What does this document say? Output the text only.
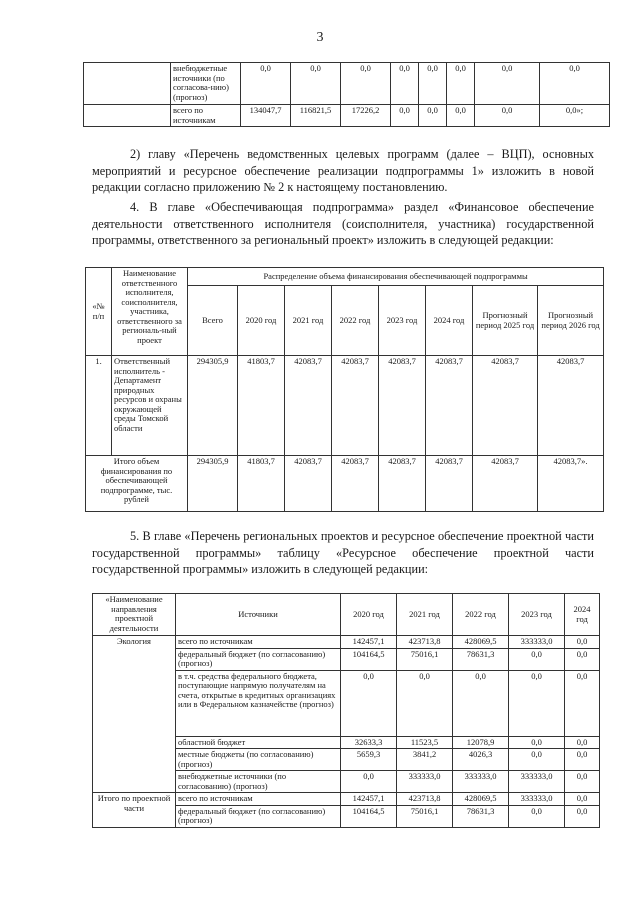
3
	внебюджетные источники (по согласова-нию) (прогноз)	0,0	0,0	0,0	0,0	0,0	0,0	0,0	0,0
	всего по источникам	134047,7	116821,5	17226,2	0,0	0,0	0,0	0,0	0,0»;

2) главу «Перечень ведомственных целевых программ (далее – ВЦП), основных мероприятий и ресурсное обеспечение реализации подпрограммы 1» изложить в новой редакции согласно приложению № 2 к настоящему постановлению.

4. В главе «Обеспечивающая подпрограмма» раздел «Финансовое обеспечение деятельности ответственного исполнителя (соисполнителя, участника) государственной программы, ответственного за региональный проект» изложить в следующей редакции:

«№ п/п	Наименование ответственного исполнителя, соисполнителя, участника, ответственного за региональ-ный проект	Распределение объема финансирования обеспечивающей подпрограммы							
		Всего	2020 год	2021 год	2022 год	2023 год	2024 год	Прогнозный период 2025 год	Прогнозный период 2026 год
1.	Ответственный исполнитель - Департамент природных ресурсов и охраны окружающей среды Томской области	294305,9	41803,7	42083,7	42083,7	42083,7	42083,7	42083,7	42083,7
Итого объем финансирования по обеспечивающей подпрограмме, тыс. рублей		294305,9	41803,7	42083,7	42083,7	42083,7	42083,7	42083,7	42083,7».

5. В главе «Перечень региональных проектов и ресурсное обеспечение проектной части государственной программы» таблицу «Ресурсное обеспечение проектной части государственной программы» изложить в следующей редакции:

«Наименование направления проектной деятельности	Источники	2020 год	2021 год	2022 год	2023 год	2024 год
Экология	всего по источникам	142457,1	423713,8	428069,5	333333,0	0,0
	федеральный бюджет (по согласованию) (прогноз)	104164,5	75016,1	78631,3	0,0	0,0
	в т.ч. средства федерального бюджета, поступающие напрямую получателям на счета, открытые в кредитных организациях или в Федеральном казначействе (прогноз)	0,0	0,0	0,0	0,0	0,0
	областной бюджет	32633,3	11523,5	12078,9	0,0	0,0
	местные бюджеты (по согласованию) (прогноз)	5659,3	3841,2	4026,3	0,0	0,0
	внебюджетные источники (по согласованию) (прогноз)	0,0	333333,0	333333,0	333333,0	0,0
Итого по проектной части	всего по источникам	142457,1	423713,8	428069,5	333333,0	0,0
	федеральный бюджет (по согласованию) (прогноз)	104164,5	75016,1	78631,3	0,0	0,0
